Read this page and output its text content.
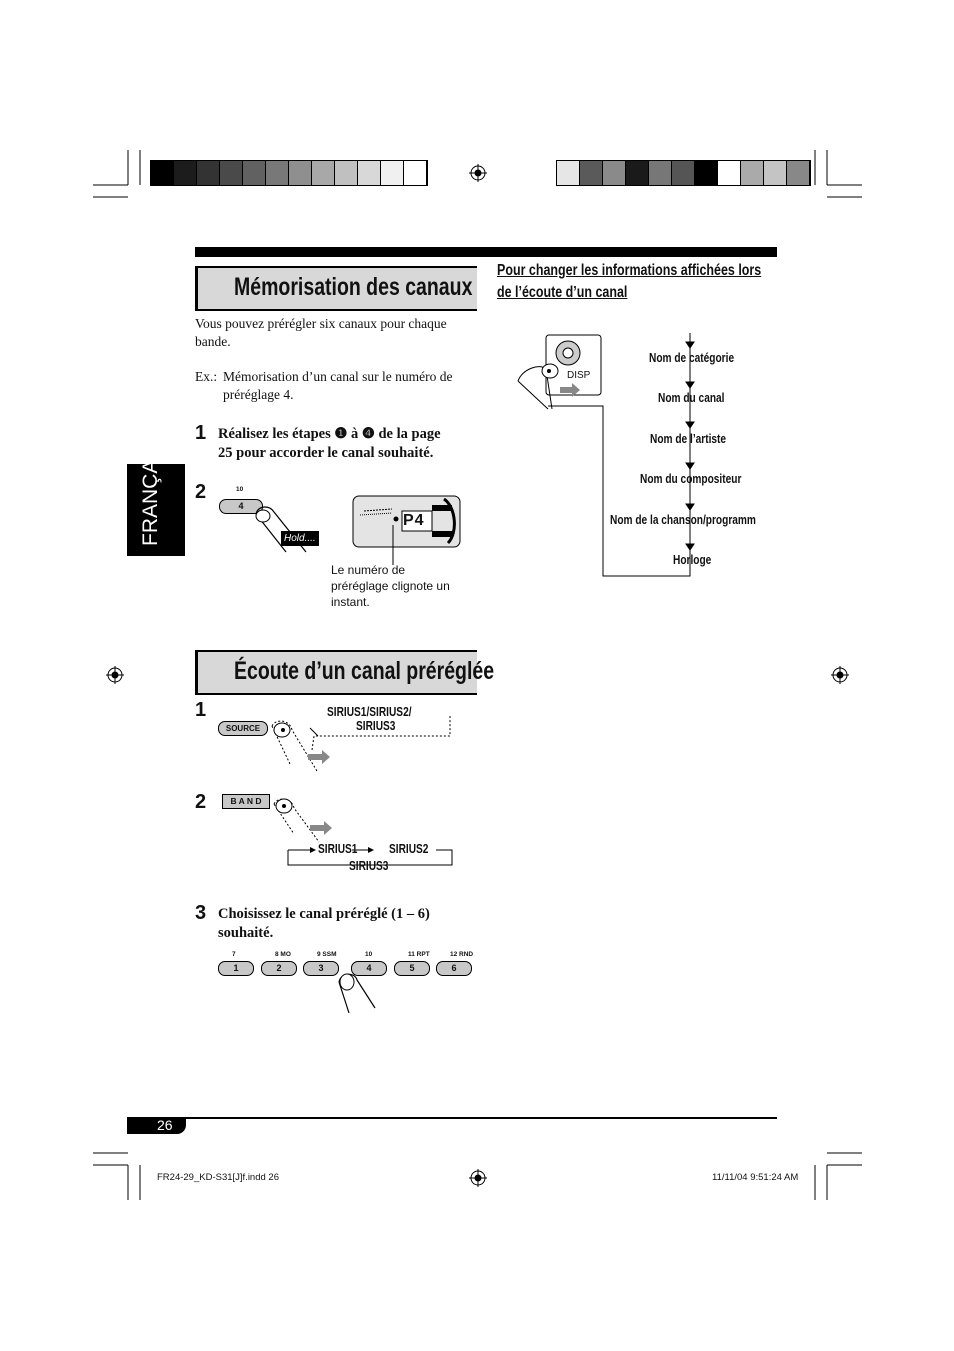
FRANÇAIS
Mémorisation des canaux
Vous pouvez prérégler six canaux pour chaque bande.
Ex.: Mémorisation d’un canal sur le numéro de
préréglage 4.
1 Réalisez les étapes ❶ à ❹ de la page
25 pour accorder le canal souhaité.
2	10
4
Hold....
P4
Le numéro de
préréglage clignote un
instant.
Écoute d’un canal préréglée
1
SOURCE
SIRIUS1/SIRIUS2/
SIRIUS3
2	B A N D
SIRIUS1 SIRIUS2
SIRIUS3
3 Choisissez le canal préréglé (1 – 6)
souhaité.
7
1
8 MO
2
9 SSM
3
10
4
11 RPT
5
12 RND
6
Pour changer les informations affichées lors
de l’écoute d’un canal
DISP
Nom de catégorie
Nom du canal
Nom de l’artiste
Nom du compositeur
Nom de la chanson/programm
Horloge
26
FR24-29_KD-S31[J]f.indd 26	11/11/04 9:51:24 AM
